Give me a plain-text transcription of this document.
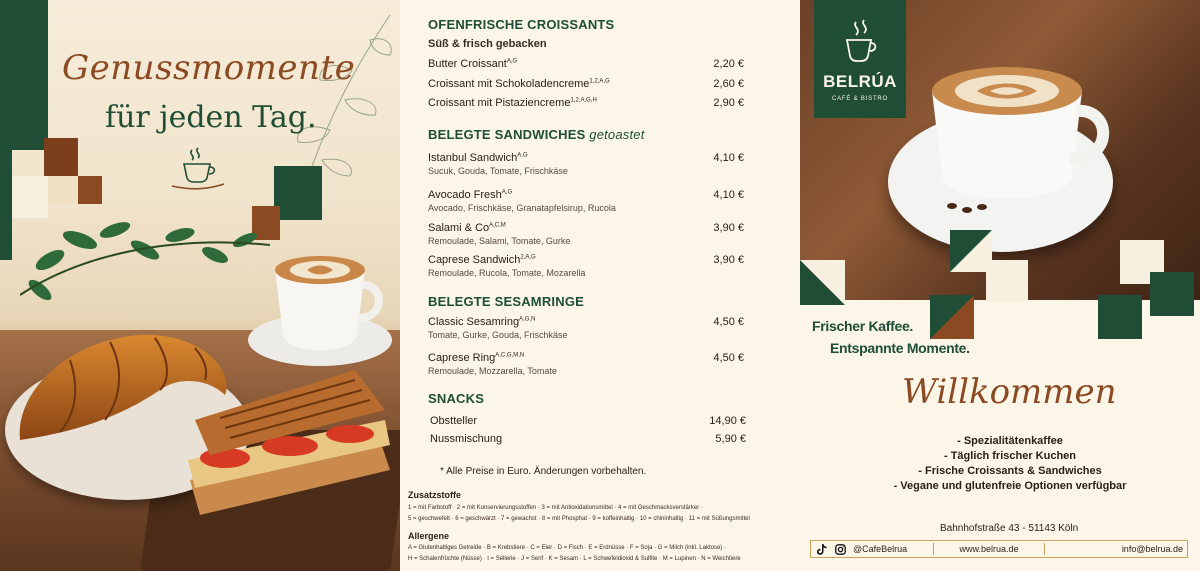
Genussmomente
für jeden Tag.
OFENFRISCHE CROISSANTS
Süß & frisch gebacken
Butter Croissant$^{A,G}$	2,20 €
Croissant mit Schokoladencreme$^{1,2,A,G}$	2,60 €
Croissant mit Pistaziencreme$^{1,2,A,G,H}$	2,90 €
BELEGTE SANDWICHES getoastet
Istanbul Sandwich$^{A,G}$	4,10 €
Sucuk, Gouda, Tomate, Frischkäse
Avocado Fresh$^{A,G}$	4,10 €
Avocado, Frischkäse, Granatapfelsirup, Rucola
Salami & $Co^{A,C,M}$	3,90 €
Remoulade, Salami, Tomate, Gurke
Caprese Sandwich$^{2,A,G}$	3,90 €
Remoulade, Rucola, Tomate, Mozarella
BELEGTE SESAMRINGE
Classic Sesamring$^{A,G,N}$	4,50 €
Tomate, Gurke, Gouda, Frischkäse
Caprese Ring$^{A,C,G,M,N}$	4,50 €
Remoulade, Mozzarella, Tomate
SNACKS
Obstteller	14,90 €
Nussmischung	5,90 €
* Alle Preise in Euro. Änderungen vorbehalten.
Zusatzstoffe
1 = mit Farbstoff · 2 = mit Konservierungsstoffen · 3 = mit Antioxidationsmittel · 4 = mit Geschmacksverstärker ·
5 = geschwefelt · 6 = geschwärzt · 7 = gewachst · 8 = mit Phosphat · 9 = koffeinhaltig · 10 = chininhaltig · 11 = mit Süßungsmittel
Allergene
A = Glutenhaltiges Getreide · B = Krebstiere · C = Eier · D = Fisch · E = Erdnüsse · F = Soja · G = Milch (inkl. Laktose) ·
H = Schalenfrüchte (Nüsse) · I = Sellerie · J = Senf · K = Sesam · L = Schwefeldioxid & Sulfite · M = Lupinen · N = Weichtiere
BELRÚA
CAFÉ & BISTRO
Frischer Kaffee.
Entspannte Momente.
Willkommen
- Spezialitätenkaffee
- Täglich frischer Kuchen
- Frische Croissants & Sandwiches
- Vegane und glutenfreie Optionen verfügbar
Bahnhofstraße 43 - 51143 Köln
@CafeBelrua	www.belrua.de	info@belrua.de
